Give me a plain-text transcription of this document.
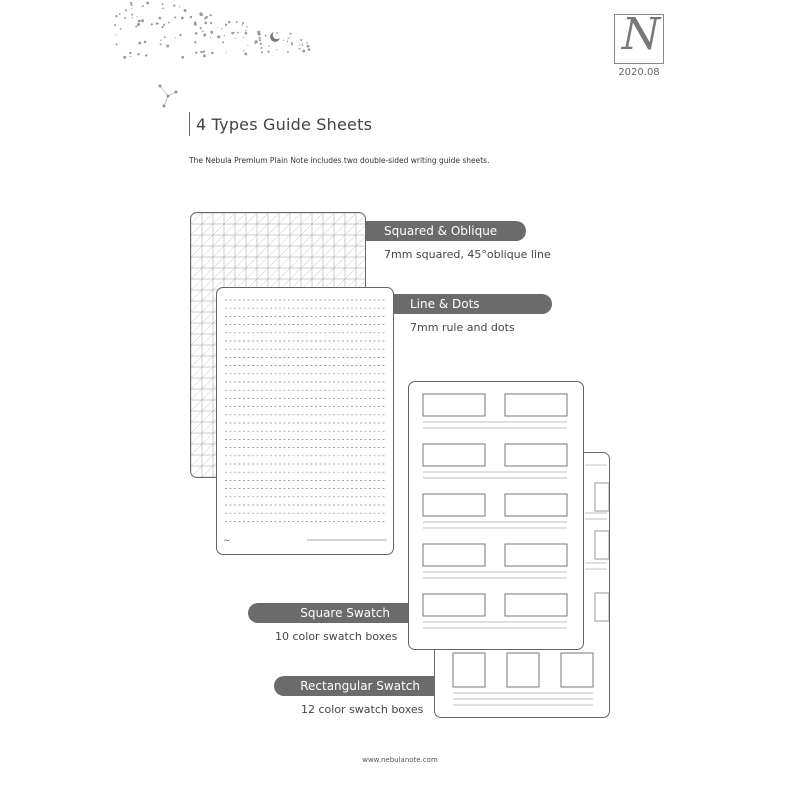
N
2020.08
4 Types Guide Sheets
The Nebula Premium Plain Note includes two double-sided writing guide sheets.
~
Squared & Oblique
7mm squared, 45°oblique line
Line & Dots
7mm rule and dots
Square Swatch
10 color swatch boxes
Rectangular Swatch
12 color swatch boxes
www.nebulanote.com
